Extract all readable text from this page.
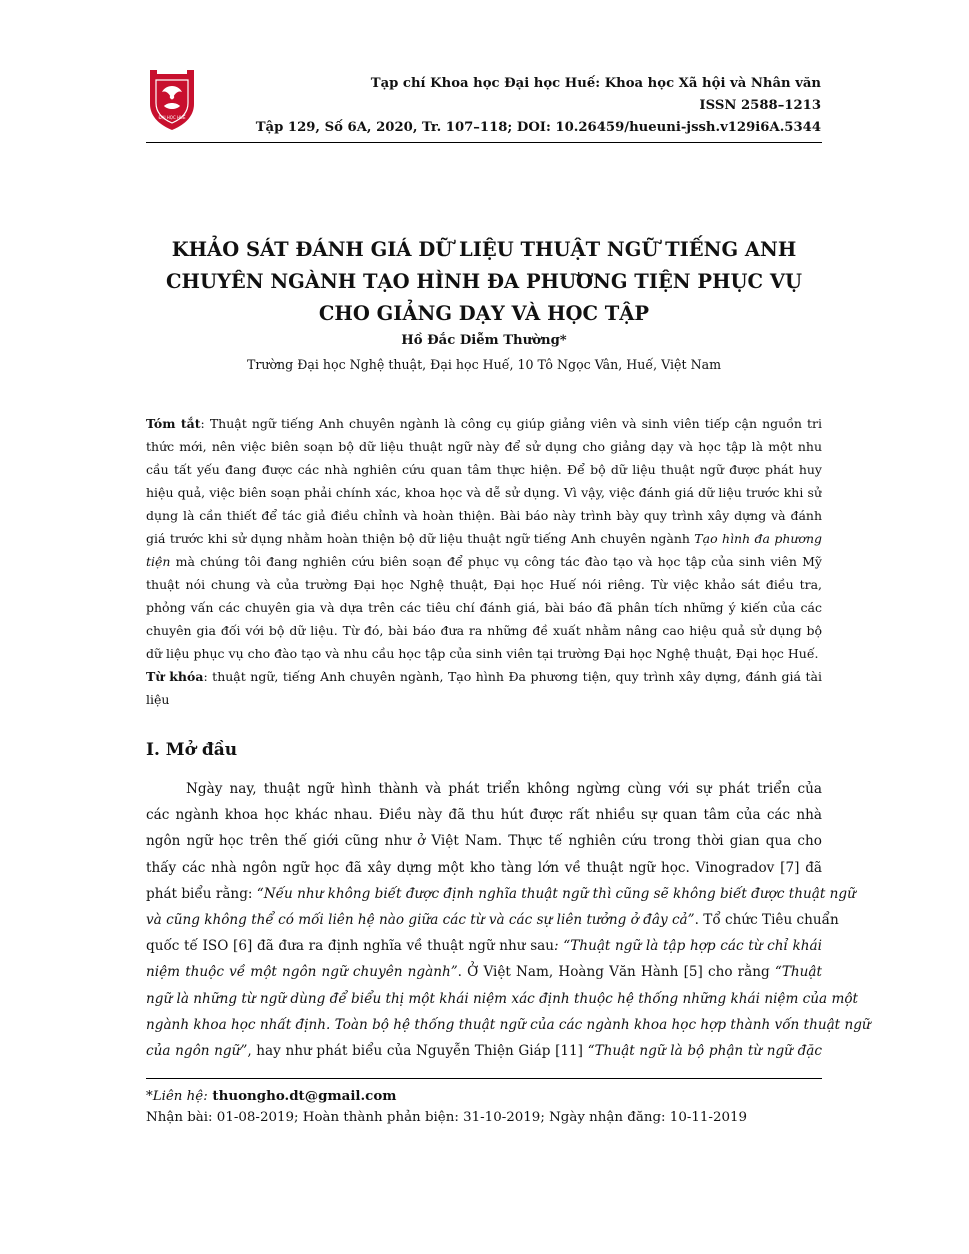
ĐẠI HỌC HUẾ
Tạp chí Khoa học Đại học Huế: Khoa học Xã hội và Nhân văn
ISSN 2588–1213
Tập 129, Số 6A, 2020, Tr. 107–118; DOI: 10.26459/hueuni-jssh.v129i6A.5344
KHẢO SÁT ĐÁNH GIÁ DỮ LIỆU THUẬT NGỮ TIẾNG ANH
CHUYÊN NGÀNH TẠO HÌNH ĐA PHƯƠNG TIỆN PHỤC VỤ
CHO GIẢNG DẠY VÀ HỌC TẬP
Hồ Đắc Diễm Thường*
Trường Đại học Nghệ thuật, Đại học Huế, 10 Tô Ngọc Vân, Huế, Việt Nam
Tóm tắt: Thuật ngữ tiếng Anh chuyên ngành là công cụ giúp giảng viên và sinh viên tiếp cận nguồn tri
thức mới, nên việc biên soạn bộ dữ liệu thuật ngữ này để sử dụng cho giảng dạy và học tập là một nhu
cầu tất yếu đang được các nhà nghiên cứu quan tâm thực hiện. Để bộ dữ liệu thuật ngữ được phát huy
hiệu quả, việc biên soạn phải chính xác, khoa học và dễ sử dụng. Vì vậy, việc đánh giá dữ liệu trước khi sử
dụng là cần thiết để tác giả điều chỉnh và hoàn thiện. Bài báo này trình bày quy trình xây dựng và đánh
giá trước khi sử dụng nhằm hoàn thiện bộ dữ liệu thuật ngữ tiếng Anh chuyên ngành Tạo hình đa phương
tiện mà chúng tôi đang nghiên cứu biên soạn để phục vụ công tác đào tạo và học tập của sinh viên Mỹ
thuật nói chung và của trường Đại học Nghệ thuật, Đại học Huế nói riêng. Từ việc khảo sát điều tra,
phỏng vấn các chuyên gia và dựa trên các tiêu chí đánh giá, bài báo đã phân tích những ý kiến của các
chuyên gia đối với bộ dữ liệu. Từ đó, bài báo đưa ra những đề xuất nhằm nâng cao hiệu quả sử dụng bộ
dữ liệu phục vụ cho đào tạo và nhu cầu học tập của sinh viên tại trường Đại học Nghệ thuật, Đại học Huế.
Từ khóa: thuật ngữ, tiếng Anh chuyên ngành, Tạo hình Đa phương tiện, quy trình xây dựng, đánh giá tài
liệu
I. Mở đầu
Ngày nay, thuật ngữ hình thành và phát triển không ngừng cùng với sự phát triển của
các ngành khoa học khác nhau. Điều này đã thu hút được rất nhiều sự quan tâm của các nhà
ngôn ngữ học trên thế giới cũng như ở Việt Nam. Thực tế nghiên cứu trong thời gian qua cho
thấy các nhà ngôn ngữ học đã xây dựng một kho tàng lớn về thuật ngữ học. Vinogradov [7] đã
phát biểu rằng: “Nếu như không biết được định nghĩa thuật ngữ thì cũng sẽ không biết được thuật ngữ
và cũng không thể có mối liên hệ nào giữa các từ và các sự liên tưởng ở đây cả”. Tổ chức Tiêu chuẩn
quốc tế ISO [6] đã đưa ra định nghĩa về thuật ngữ như sau: “Thuật ngữ là tập hợp các từ chỉ khái
niệm thuộc về một ngôn ngữ chuyên ngành”. Ở Việt Nam, Hoàng Văn Hành [5] cho rằng “Thuật
ngữ là những từ ngữ dùng để biểu thị một khái niệm xác định thuộc hệ thống những khái niệm của một
ngành khoa học nhất định. Toàn bộ hệ thống thuật ngữ của các ngành khoa học hợp thành vốn thuật ngữ
của ngôn ngữ”, hay như phát biểu của Nguyễn Thiện Giáp [11] “Thuật ngữ là bộ phận từ ngữ đặc
*Liên hệ: thuongho.dt@gmail.com
Nhận bài: 01-08-2019; Hoàn thành phản biện: 31-10-2019; Ngày nhận đăng: 10-11-2019
